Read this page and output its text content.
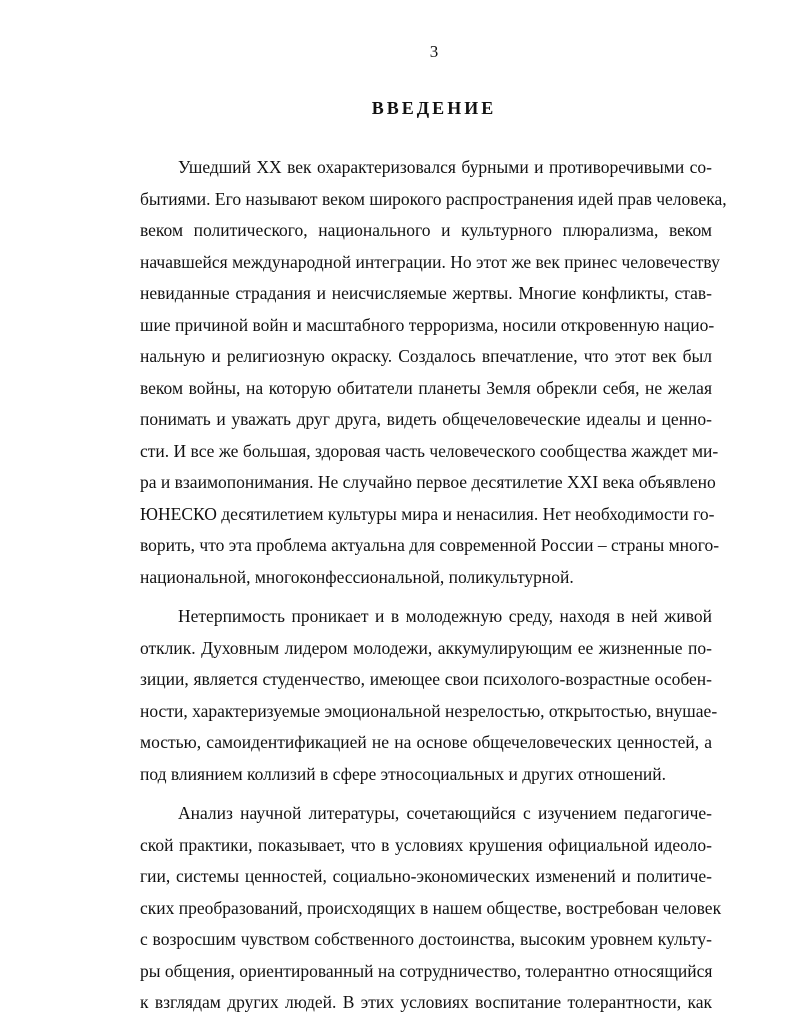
3
ВВЕДЕНИЕ
Ушедший XX век охарактеризовался бурными и противоречивыми со-
бытиями. Его называют веком широкого распространения идей прав человека,
веком политического, национального и культурного плюрализма, веком
начавшейся международной интеграции. Но этот же век принес человечеству
невиданные страдания и неисчисляемые жертвы. Многие конфликты, став-
шие причиной войн и масштабного терроризма, носили откровенную нацио-
нальную и религиозную окраску. Создалось впечатление, что этот век был
веком войны, на которую обитатели планеты Земля обрекли себя, не желая
понимать и уважать друг друга, видеть общечеловеческие идеалы и ценно-
сти. И все же большая, здоровая часть человеческого сообщества жаждет ми-
ра и взаимопонимания. Не случайно первое десятилетие XXI века объявлено
ЮНЕСКО десятилетием культуры мира и ненасилия. Нет необходимости го-
ворить, что эта проблема актуальна для современной России – страны много-
национальной, многоконфессиональной, поликультурной.
Нетерпимость проникает и в молодежную среду, находя в ней живой
отклик. Духовным лидером молодежи, аккумулирующим ее жизненные по-
зиции, является студенчество, имеющее свои психолого-возрастные особен-
ности, характеризуемые эмоциональной незрелостью, открытостью, внушае-
мостью, самоидентификацией не на основе общечеловеческих ценностей, а
под влиянием коллизий в сфере этносоциальных и других отношений.
Анализ научной литературы, сочетающийся с изучением педагогиче-
ской практики, показывает, что в условиях крушения официальной идеоло-
гии, системы ценностей, социально-экономических изменений и политиче-
ских преобразований, происходящих в нашем обществе, востребован человек
с возросшим чувством собственного достоинства, высоким уровнем культу-
ры общения, ориентированный на сотрудничество, толерантно относящийся
к взглядам других людей. В этих условиях воспитание толерантности, как
